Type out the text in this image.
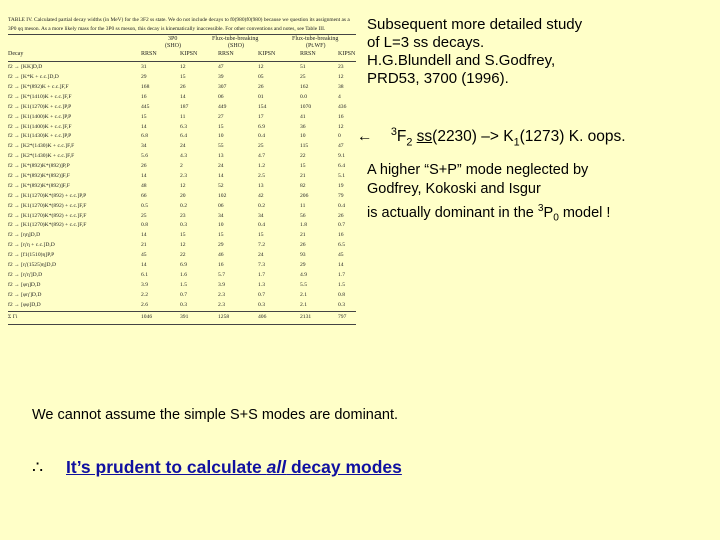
TABLE IV. Calculated partial decay widths (in MeV) for the 3F2 ss state. We do not include decays to f0(980)f0(980) because we question its assignment as a 3P0 qq meson. As a more likely mass for the 3P0 ss meson, this decay is kinematically inaccessible. For other conventions and notes, see Table III.
3P0	Flux-tube-breaking	Flux-tube-breaking
(SHO)	(SHO)	(Pt.WF)
Decay	RRSN	KIPSN	RRSN	KIPSN	RRSN	KIPSN
f2 → [KK]D,D	31	12	47	12	51	23
f2 → [K*K + c.c.]D,D	29	15	39	05	25	12
f2 → [K*(892)K + c.c.]F,F	168	26	307	26	162	38
f2 → [K*(1410)K + c.c.]F,F	16	14	06	01	0.0	4
f2 → [K1(1270)K + c.c.]P,P	445	187	449	154	1070	436
f2 → [K1(1400)K + c.c.]P,P	15	11	27	17	41	16
f2 → [K1(1400)K + c.c.]F,F	14	6.3	15	6.9	36	12
f2 → [K1(1430)K + c.c.]P,P	6.8	6.4	10	0.4	10	0
f2 → [K2*(1430)K + c.c.]F,F	34	24	55	25	115	47
f2 → [K2*(1430)K + c.c.]F,F	5.6	4.3	13	4.7	22	9.1
f2 → [K*(892)K*(892)]P,P	26	2	24	1.2	15	6.4
f2 → [K*(892)K*(892)]F,F	14	2.3	14	2.5	21	5.1
f2 → [K*(892)K*(892)]F,F	48	12	52	13	82	19
f2 → [K1(1270)K*(892) + c.c.]P,P	66	20	102	42	206	79
f2 → [K1(1270)K*(892) + c.c.]F,F	0.5	0.2	06	0.2	11	0.4
f2 → [K1(1270)K*(892) + c.c.]F,F	25	23	34	34	56	26
f2 → [K1(1270)K*(892) + c.c.]F,F	0.8	0.3	10	0.4	1.8	0.7
f2 → [ηη]D,D	14	15	15	15	21	16
f2 → [η'η + c.c.]D,D	21	12	29	7.2	26	6.5
f2 → [f1(1510)η]P,P	45	22	46	24	93	45
f2 → [η'(1525)η]D,D	14	6.9	16	7.3	29	14
f2 → [η'η']D,D	6.1	1.6	5.7	1.7	4.9	1.7
f2 → [φη]D,D	3.9	1.5	3.9	1.3	5.5	1.5
f2 → [φη']D,D	2.2	0.7	2.3	0.7	2.1	0.8
f2 → [φφ]D,D	2.6	0.3	2.3	0.3	2.1	0.3
Σ Γi	1046	391	1258	406	2131	797
Subsequent more detailed study
of L=3 ss decays.
H.G.Blundell and S.Godfrey,
PRD53, 3700 (1996).
← $^3F_2$ $ss(2230) -> K_1(1273)$ K. oops.
A higher “S+P” mode neglected by
Godfrey, Kokoski and Isgur
is actually dominant in the $^3P_0$ model !
We cannot assume the simple S+S modes are dominant.
∴ It’s prudent to calculate all decay modes
